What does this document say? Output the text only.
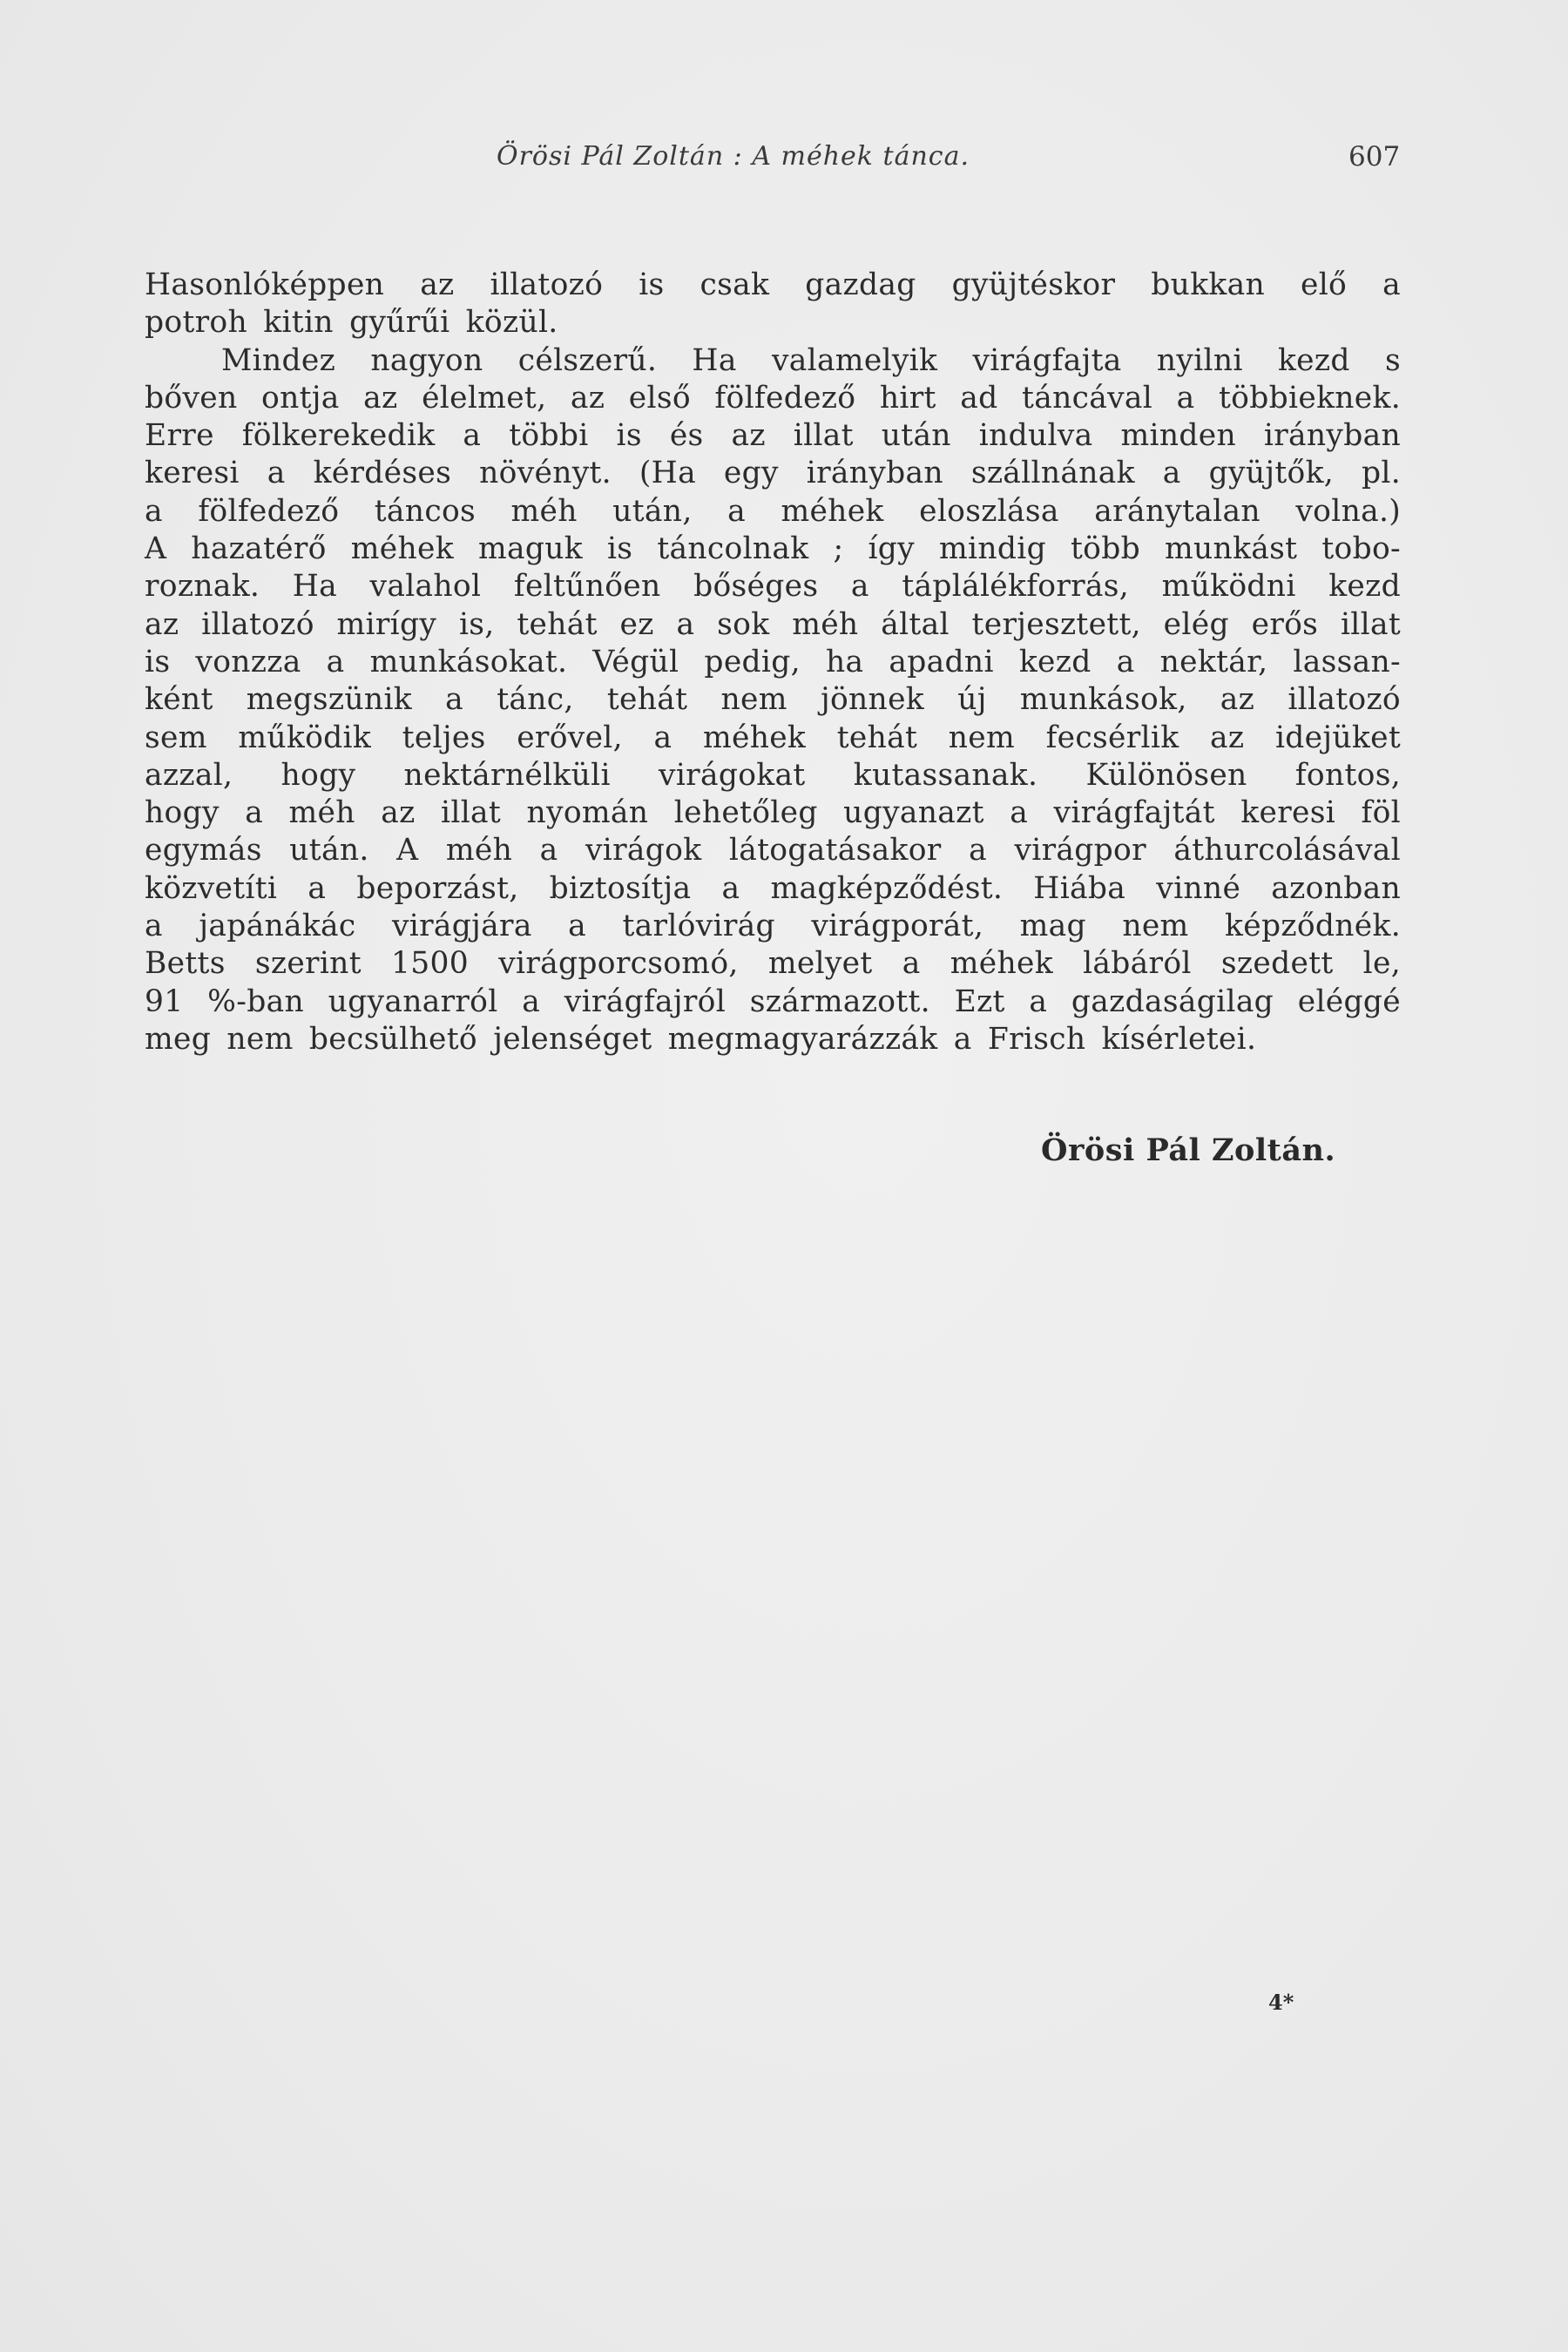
Örösi Pál Zoltán : A méhek tánca.	607
Hasonlóképpen az illatozó is csak gazdag gyüjtéskor bukkan elő a
potroh kitin gyűrűi közül.
Mindez nagyon célszerű. Ha valamelyik virágfajta nyilni kezd s
bőven ontja az élelmet, az első fölfedező hirt ad táncával a többieknek.
Erre fölkerekedik a többi is és az illat után indulva minden irányban
keresi a kérdéses növényt. (Ha egy irányban szállnának a gyüjtők, pl.
a fölfedező táncos méh után, a méhek eloszlása aránytalan volna.)
A hazatérő méhek maguk is táncolnak ; így mindig több munkást tobo-
roznak. Ha valahol feltűnően bőséges a táplálékforrás, működni kezd
az illatozó mirígy is, tehát ez a sok méh által terjesztett, elég erős illat
is vonzza a munkásokat. Végül pedig, ha apadni kezd a nektár, lassan-
ként megszünik a tánc, tehát nem jönnek új munkások, az illatozó
sem működik teljes erővel, a méhek tehát nem fecsérlik az idejüket
azzal, hogy nektárnélküli virágokat kutassanak. Különösen fontos,
hogy a méh az illat nyomán lehetőleg ugyanazt a virágfajtát keresi föl
egymás után. A méh a virágok látogatásakor a virágpor áthurcolásával
közvetíti a beporzást, biztosítja a magképződést. Hiába vinné azonban
a japánákác virágjára a tarlóvirág virágporát, mag nem képződnék.
Betts szerint 1500 virágporcsomó, melyet a méhek lábáról szedett le,
91 %-ban ugyanarról a virágfajról származott. Ezt a gazdaságilag eléggé
meg nem becsülhető jelenséget megmagyarázzák a Frisch kísérletei.
Örösi Pál Zoltán.
4*
